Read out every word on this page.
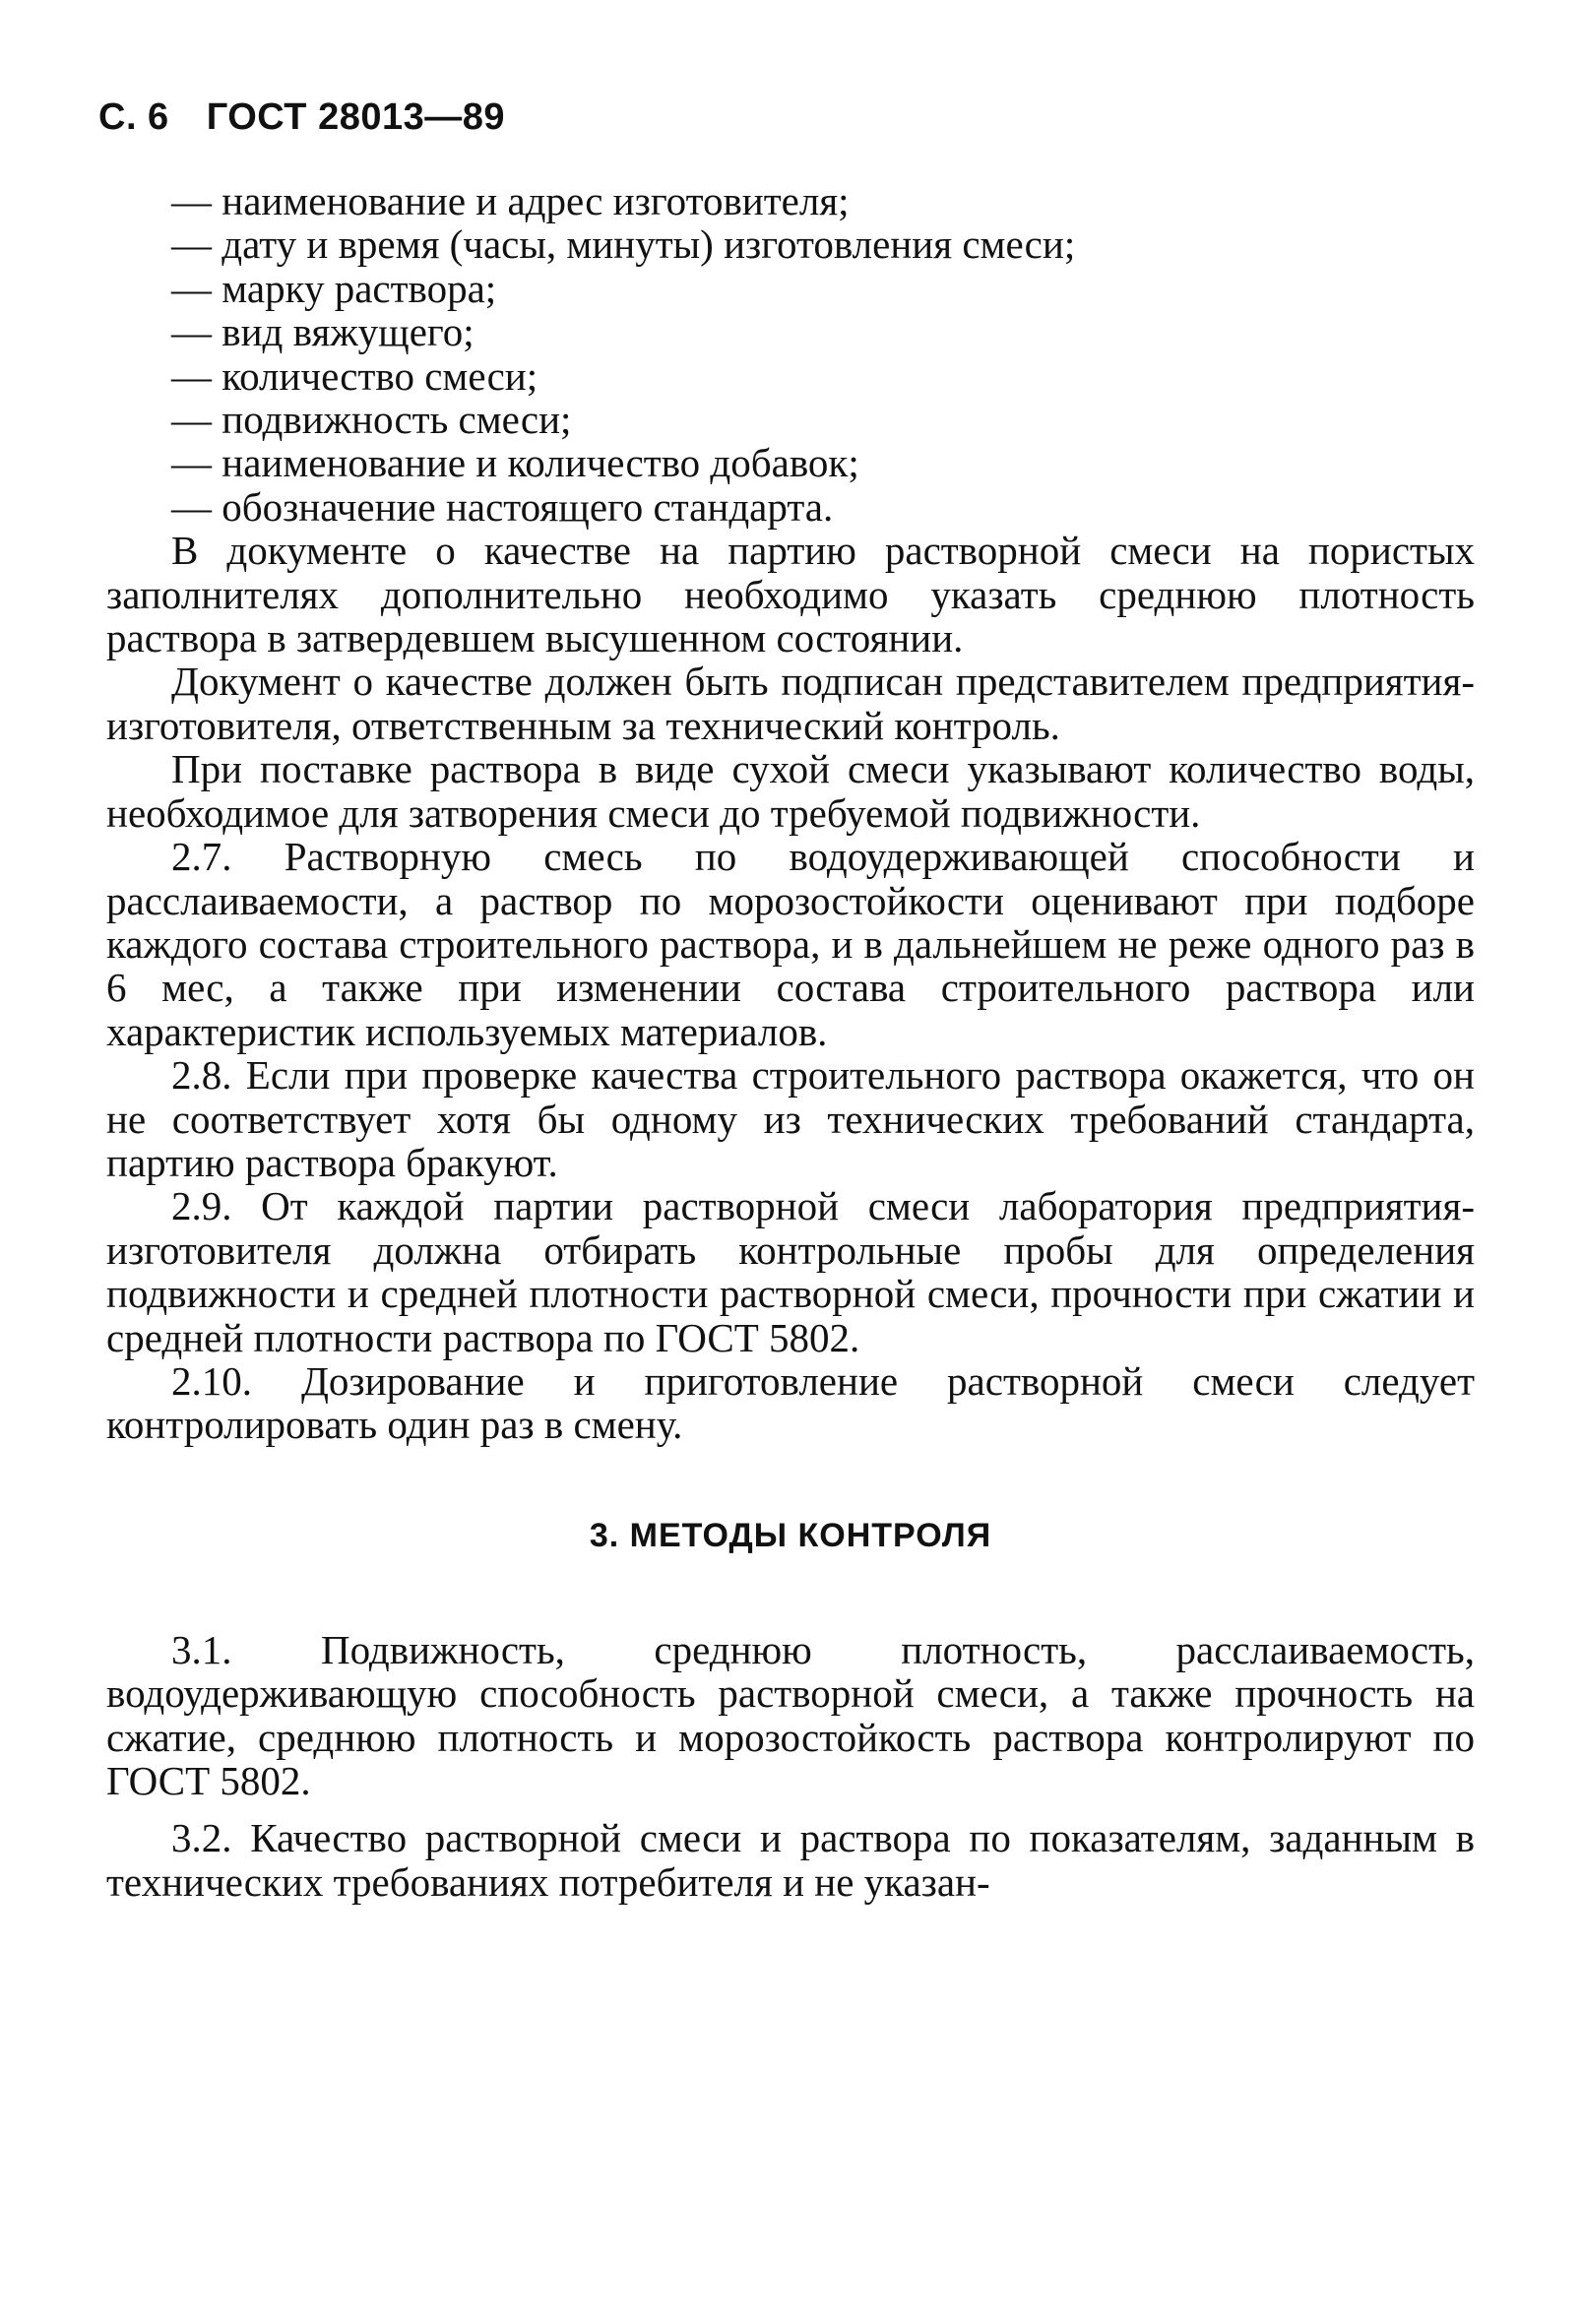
С. 6 ГОСТ 28013—89
— наименование и адрес изготовителя;
— дату и время (часы, минуты) изготовления смеси;
— марку раствора;
— вид вяжущего;
— количество смеси;
— подвижность смеси;
— наименование и количество добавок;
— обозначение настоящего стандарта.

В документе о качестве на партию растворной смеси на пористых заполнителях дополнительно необходимо указать среднюю плотность раствора в затвердевшем высушенном состоянии.

Документ о качестве должен быть подписан представителем предприятия-изготовителя, ответственным за технический контроль.

При поставке раствора в виде сухой смеси указывают количество воды, необходимое для затворения смеси до требуемой подвижности.

2.7. Растворную смесь по водоудерживающей способности и расслаиваемости, а раствор по морозостойкости оценивают при подборе каждого состава строительного раствора, и в дальнейшем не реже одного раз в 6 мес, а также при изменении состава строительного раствора или характеристик используемых материалов.

2.8. Если при проверке качества строительного раствора окажется, что он не соответствует хотя бы одному из технических требований стандарта, партию раствора бракуют.

2.9. От каждой партии растворной смеси лаборатория предприятия-изготовителя должна отбирать контрольные пробы для определения подвижности и средней плотности растворной смеси, прочности при сжатии и средней плотности раствора по ГОСТ 5802.

2.10. Дозирование и приготовление растворной смеси следует контролировать один раз в смену.

3. МЕТОДЫ КОНТРОЛЯ

3.1. Подвижность, среднюю плотность, расслаиваемость, водоудерживающую способность растворной смеси, а также прочность на сжатие, среднюю плотность и морозостойкость раствора контролируют по ГОСТ 5802.

3.2. Качество растворной смеси и раствора по показателям, заданным в технических требованиях потребителя и не указан-
